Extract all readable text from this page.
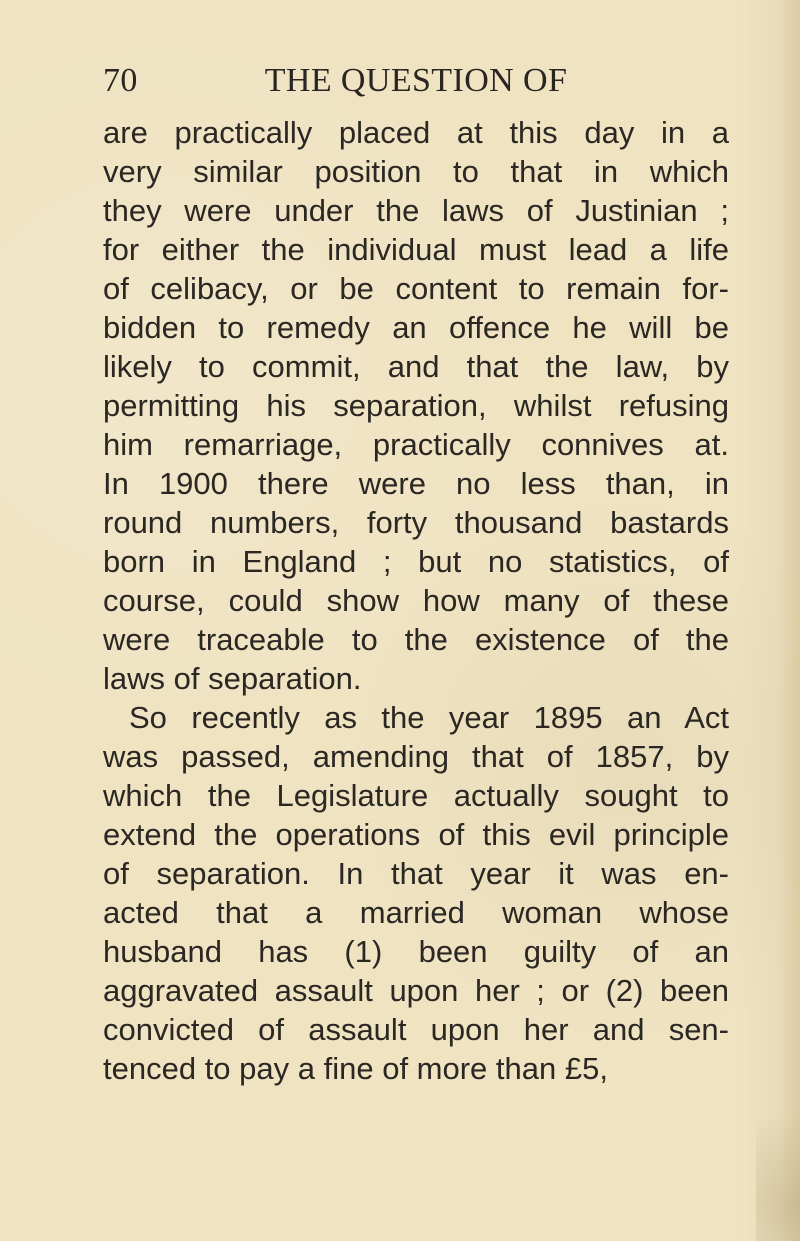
70	THE QUESTION OF
are practically placed at this day in a
very similar position to that in which
they were under the laws of Justinian ;
for either the individual must lead a life
of celibacy, or be content to remain for-
bidden to remedy an offence he will be
likely to commit, and that the law, by
permitting his separation, whilst refusing
him remarriage, practically connives at.
In 1900 there were no less than, in
round numbers, forty thousand bastards
born in England ; but no statistics, of
course, could show how many of these
were traceable to the existence of the
laws of separation.
So recently as the year 1895 an Act
was passed, amending that of 1857, by
which the Legislature actually sought to
extend the operations of this evil principle
of separation. In that year it was en-
acted that a married woman whose
husband has (1) been guilty of an
aggravated assault upon her ; or (2) been
convicted of assault upon her and sen-
tenced to pay a fine of more than £5,
